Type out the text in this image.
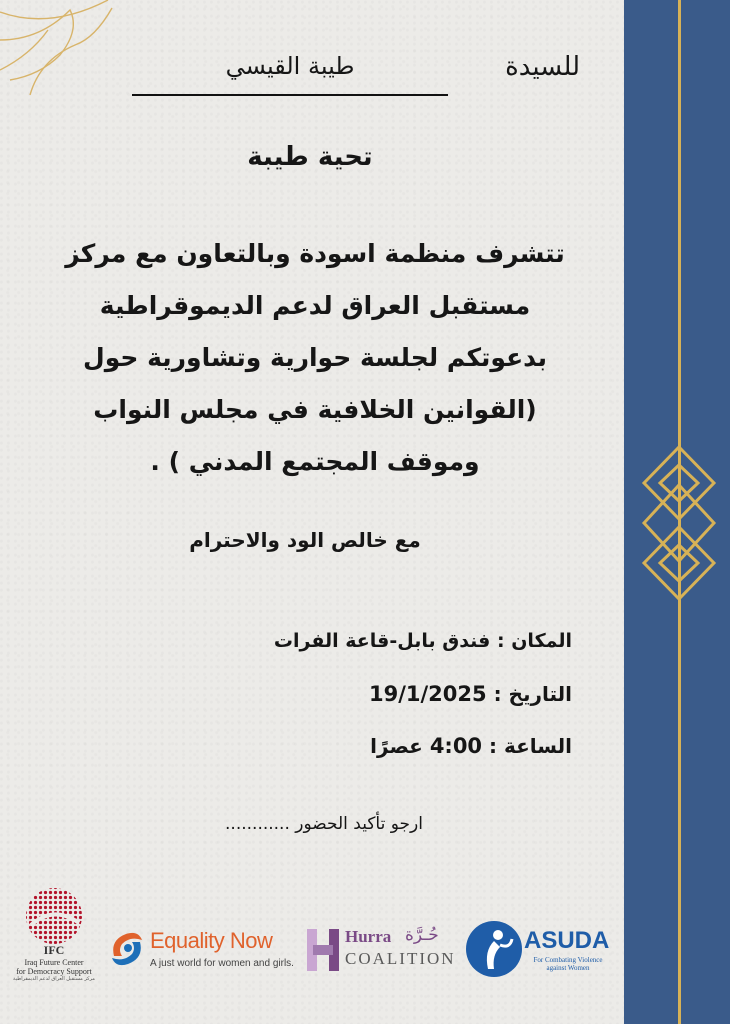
للسيدة
طيبة القيسي
تحية طيبة
تتشرف منظمة اسودة وبالتعاون مع مركز
مستقبل العراق لدعم الديموقراطية
بدعوتكم لجلسة حوارية وتشاورية حول
(القوانين الخلافية في مجلس النواب
وموقف المجتمع المدني ) .
مع خالص الود والاحترام
المكان : فندق بابل-قاعة الفرات
التاريخ : 19/1/2025
الساعة : 4:00 عصرًا
ارجو تأكيد الحضور ............
IFC
Iraq Future Center
for Democracy Support
مركز مستقبل العراق لدعم الديمقراطية
Equality Now
A just world for women and girls.
Hurra حُـرَّة
COALITION
ASUDA
For Combating Violence against Women
